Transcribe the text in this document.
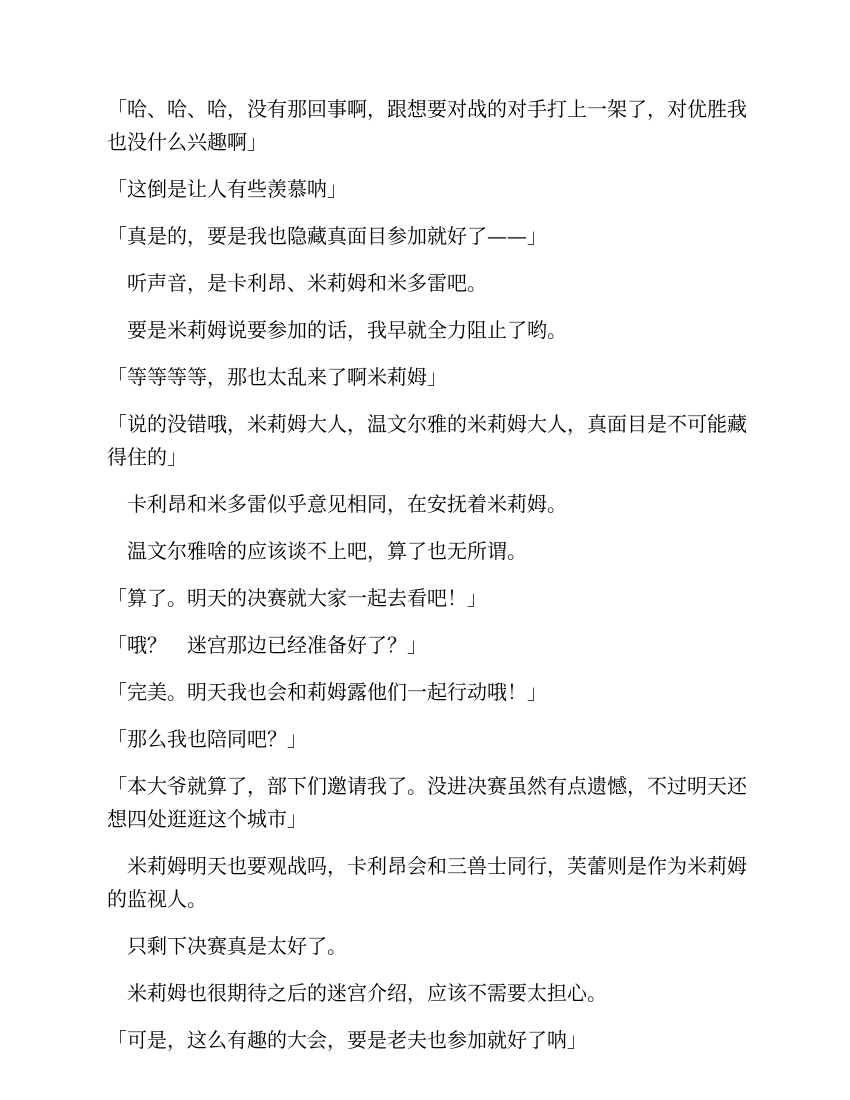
「哈、哈、哈，没有那回事啊，跟想要对战的对手打上一架了，对优胜我也没什么兴趣啊」

「这倒是让人有些羡慕呐」

「真是的，要是我也隐藏真面目参加就好了——」

听声音，是卡利昂、米莉姆和米多雷吧。

要是米莉姆说要参加的话，我早就全力阻止了哟。

「等等等等，那也太乱来了啊米莉姆」

「说的没错哦，米莉姆大人，温文尔雅的米莉姆大人，真面目是不可能藏得住的」

卡利昂和米多雷似乎意见相同，在安抚着米莉姆。

温文尔雅啥的应该谈不上吧，算了也无所谓。

「算了。明天的决赛就大家一起去看吧！」

「哦？　迷宫那边已经准备好了？」

「完美。明天我也会和莉姆露他们一起行动哦！」

「那么我也陪同吧？」

「本大爷就算了，部下们邀请我了。没进决赛虽然有点遗憾，不过明天还想四处逛逛这个城市」

米莉姆明天也要观战吗，卡利昂会和三兽士同行，芙蕾则是作为米莉姆的监视人。

只剩下决赛真是太好了。

米莉姆也很期待之后的迷宫介绍，应该不需要太担心。

「可是，这么有趣的大会，要是老夫也参加就好了呐」
